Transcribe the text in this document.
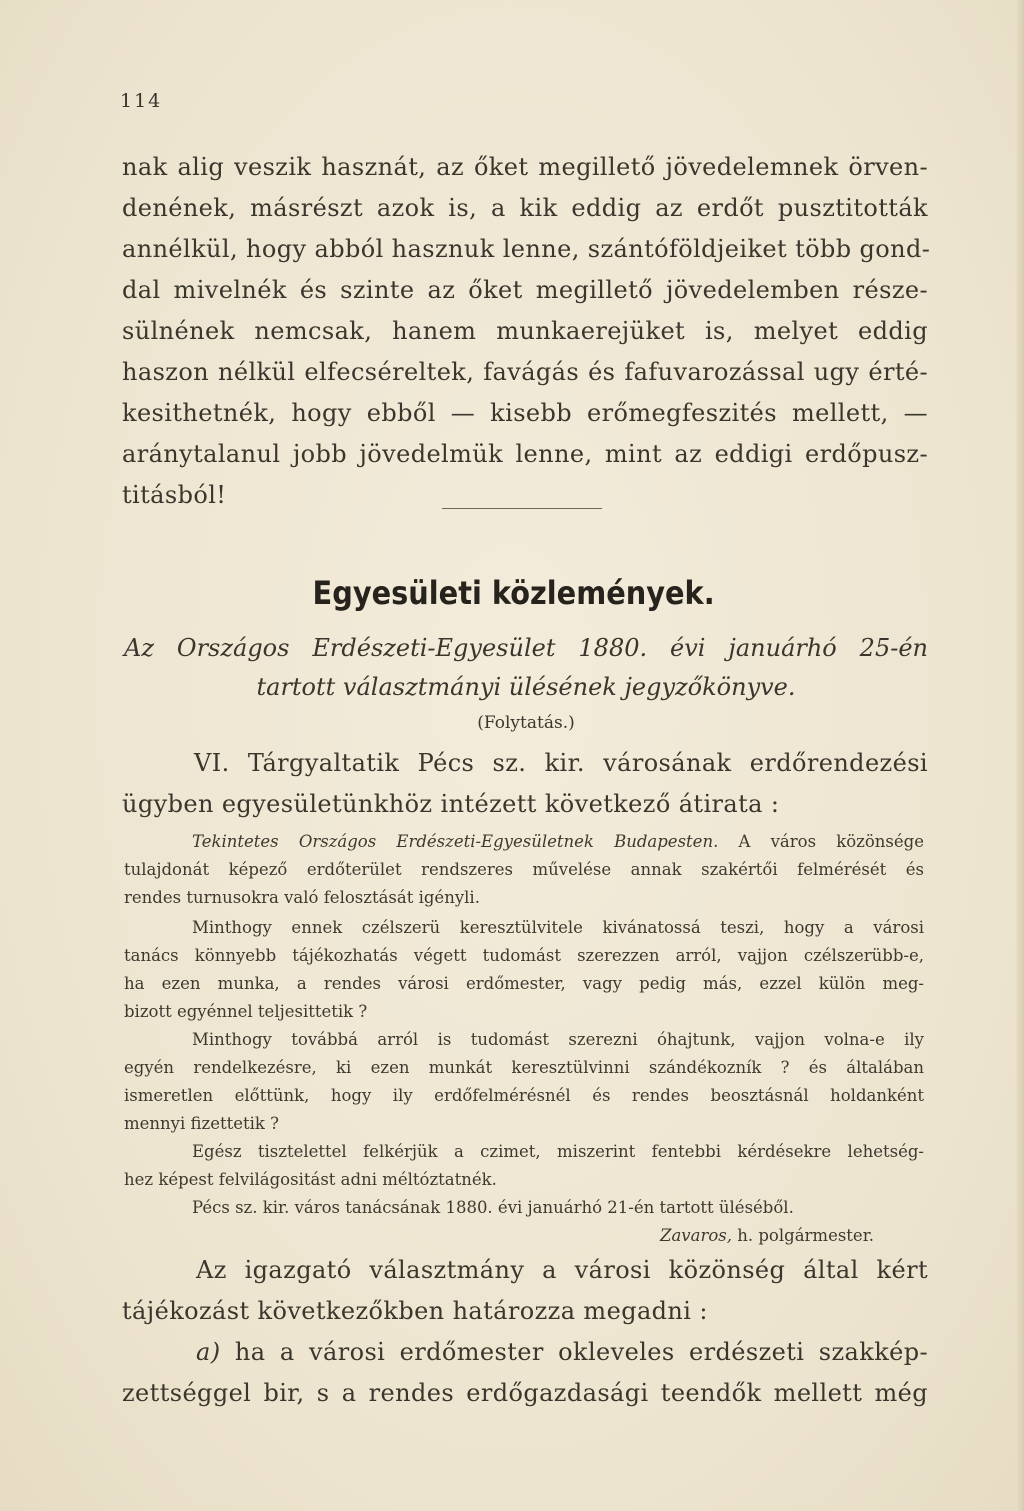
114
nak alig veszik hasznát, az őket megillető jövedelemnek örven-
denének, másrészt azok is, a kik eddig az erdőt pusztitották
annélkül, hogy abból hasznuk lenne, szántóföldjeiket több gond-
dal mivelnék és szinte az őket megillető jövedelemben része-
sülnének nemcsak, hanem munkaerejüket is, melyet eddig
haszon nélkül elfecséreltek, favágás és fafuvarozással ugy érté-
kesithetnék, hogy ebből — kisebb erőmegfeszités mellett, —
aránytalanul jobb jövedelmük lenne, mint az eddigi erdőpusz-
titásból!
Egyesületi közlemények.
Az Országos Erdészeti-Egyesület 1880. évi januárhó 25-én
tartott választmányi ülésének jegyzőkönyve.
(Folytatás.)
VI. Tárgyaltatik Pécs sz. kir. városának erdőrendezési
ügyben egyesületünkhöz intézett következő átirata :
Tekintetes Országos Erdészeti-Egyesületnek Budapesten. A város közönsége
tulajdonát képező erdőterület rendszeres művelése annak szakértői felmérését és
rendes turnusokra való felosztását igényli.
Minthogy ennek czélszerü keresztülvitele kivánatossá teszi, hogy a városi
tanács könnyebb tájékozhatás végett tudomást szerezzen arról, vajjon czélszerübb-e,
ha ezen munka, a rendes városi erdőmester, vagy pedig más, ezzel külön meg-
bizott egyénnel teljesittetik ?
Minthogy továbbá arról is tudomást szerezni óhajtunk, vajjon volna-e ily
egyén rendelkezésre, ki ezen munkát keresztülvinni szándékozník ? és általában
ismeretlen előttünk, hogy ily erdőfelmérésnél és rendes beosztásnál holdanként
mennyi fizettetik ?
Egész tisztelettel felkérjük a czimet, miszerint fentebbi kérdésekre lehetség-
hez képest felvilágositást adni méltóztatnék.
Pécs sz. kir. város tanácsának 1880. évi januárhó 21-én tartott üléséből.
Zavaros, h. polgármester.
Az igazgató választmány a városi közönség által kért
tájékozást következőkben határozza megadni :
a) ha a városi erdőmester okleveles erdészeti szakkép-
zettséggel bir, s a rendes erdőgazdasági teendők mellett még
